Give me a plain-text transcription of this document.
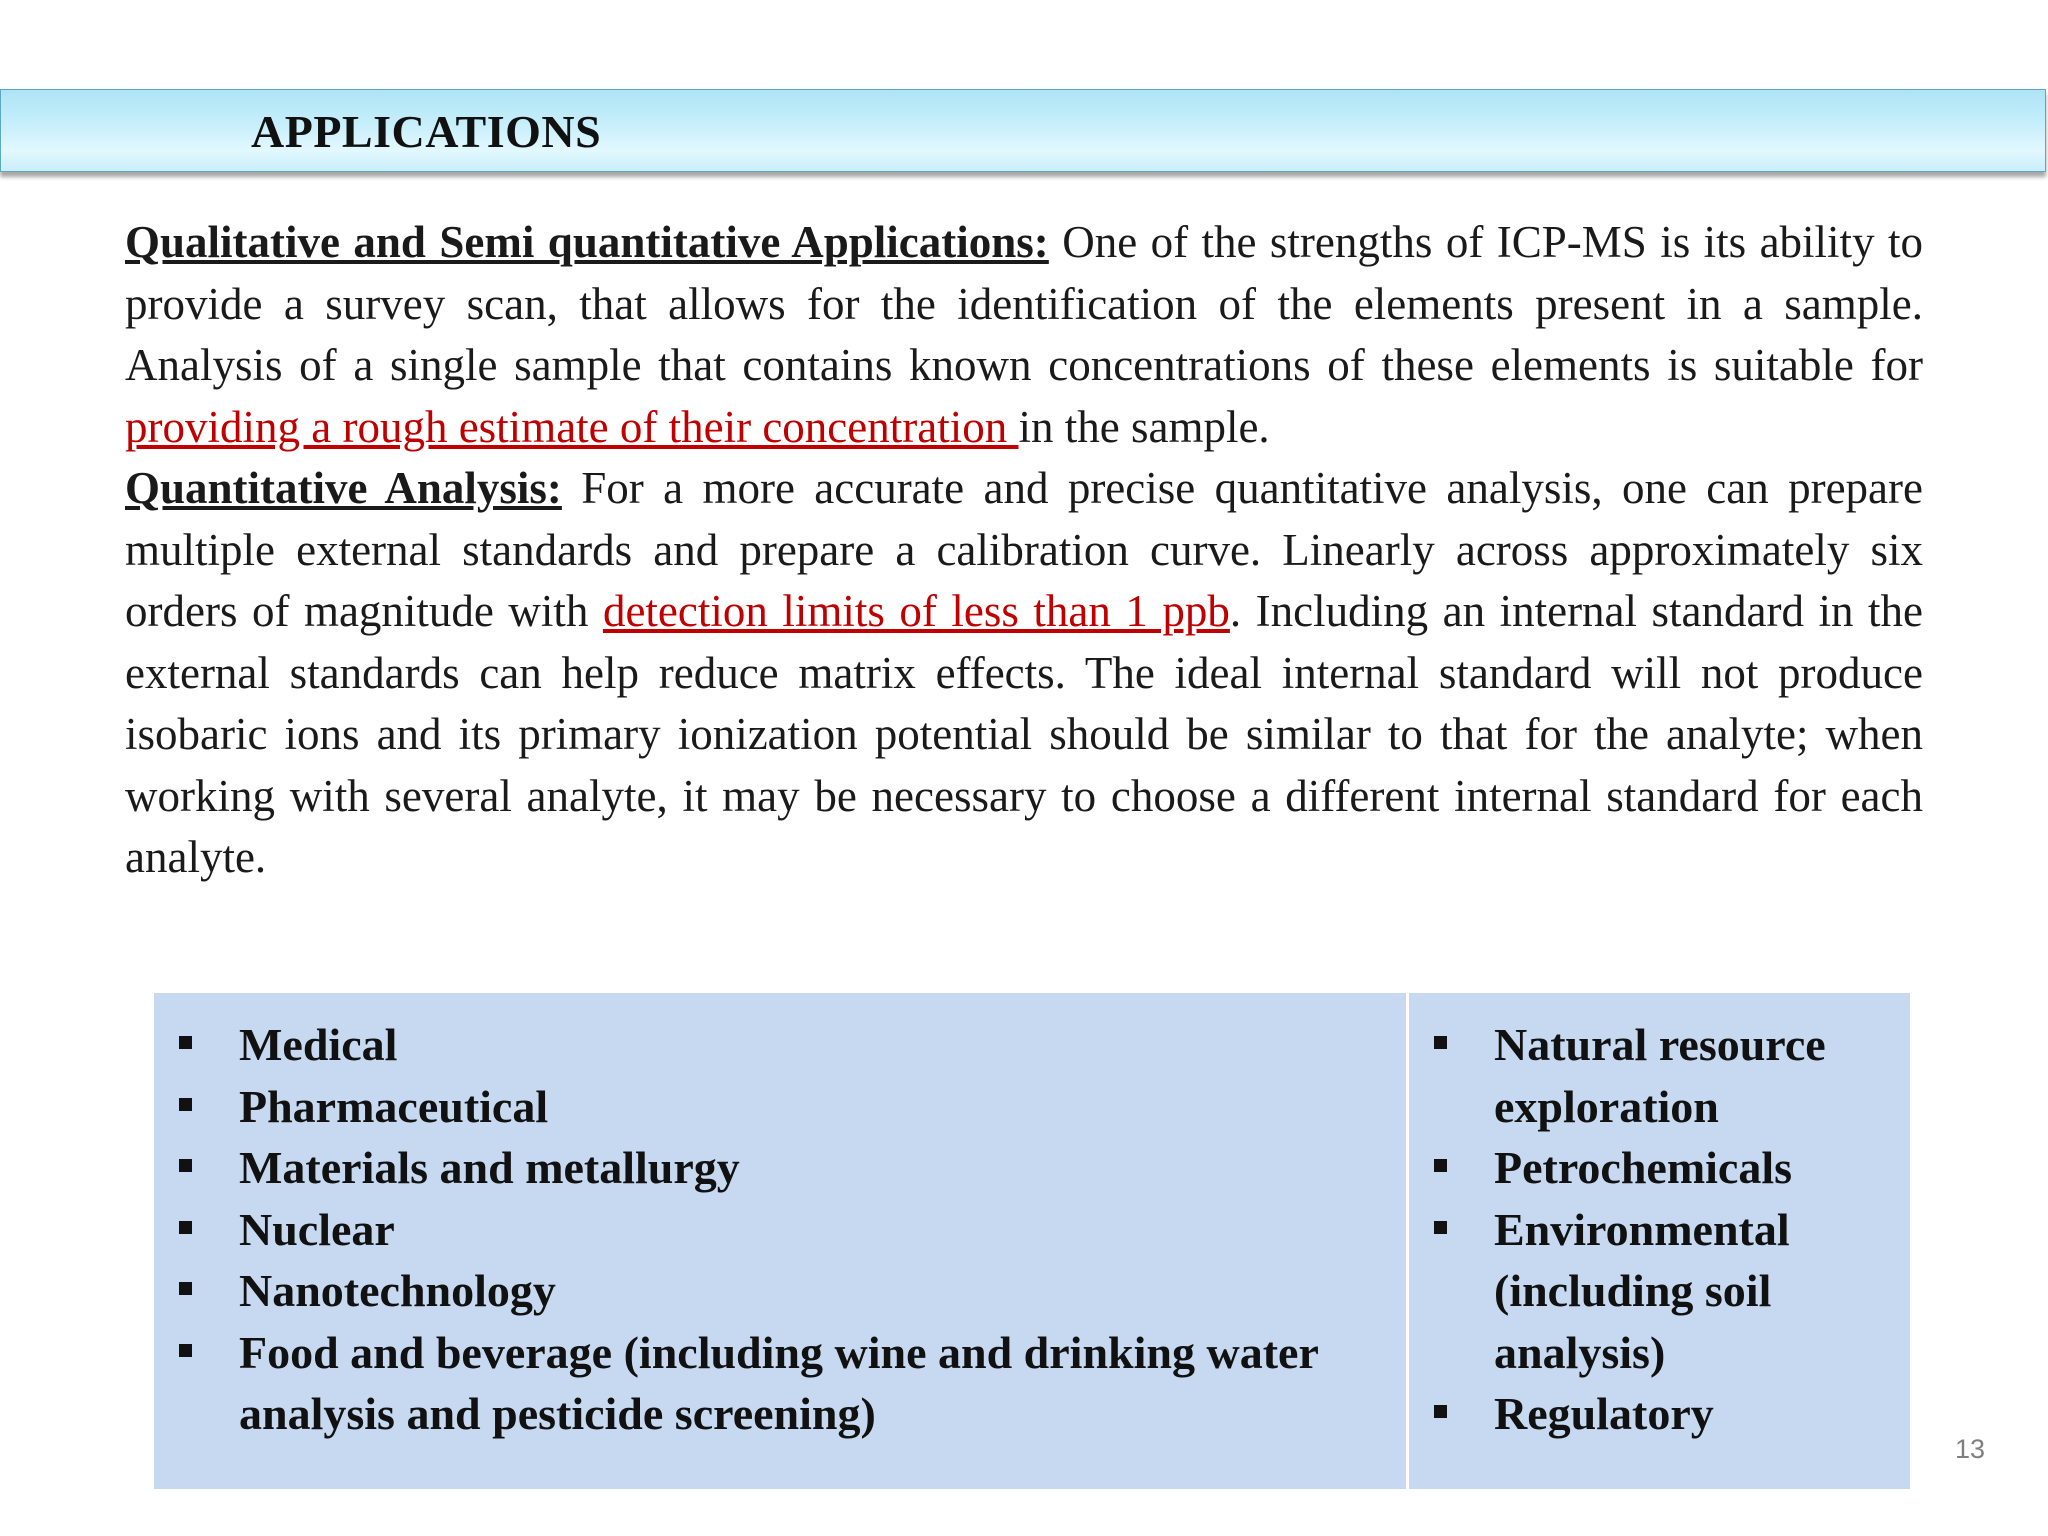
APPLICATIONS

Qualitative and Semi quantitative Applications: One of the strengths of ICP-MS is its ability to provide a survey scan, that allows for the identification of the elements present in a sample. Analysis of a single sample that contains known concentrations of these elements is suitable for providing a rough estimate of their concentration in the sample.

Quantitative Analysis: For a more accurate and precise quantitative analysis, one can prepare multiple external standards and prepare a calibration curve. Linearly across approximately six orders of magnitude with detection limits of less than 1 ppb. Including an internal standard in the external standards can help reduce matrix effects. The ideal internal standard will not produce isobaric ions and its primary ionization potential should be similar to that for the analyte; when working with several analyte, it may be necessary to choose a different internal standard for each analyte.

Medical
Pharmaceutical
Materials and metallurgy
Nuclear
Nanotechnology
Food and beverage (including wine and drinking water analysis and pesticide screening)
Natural resource exploration
Petrochemicals
Environmental (including soil analysis)
Regulatory
13
